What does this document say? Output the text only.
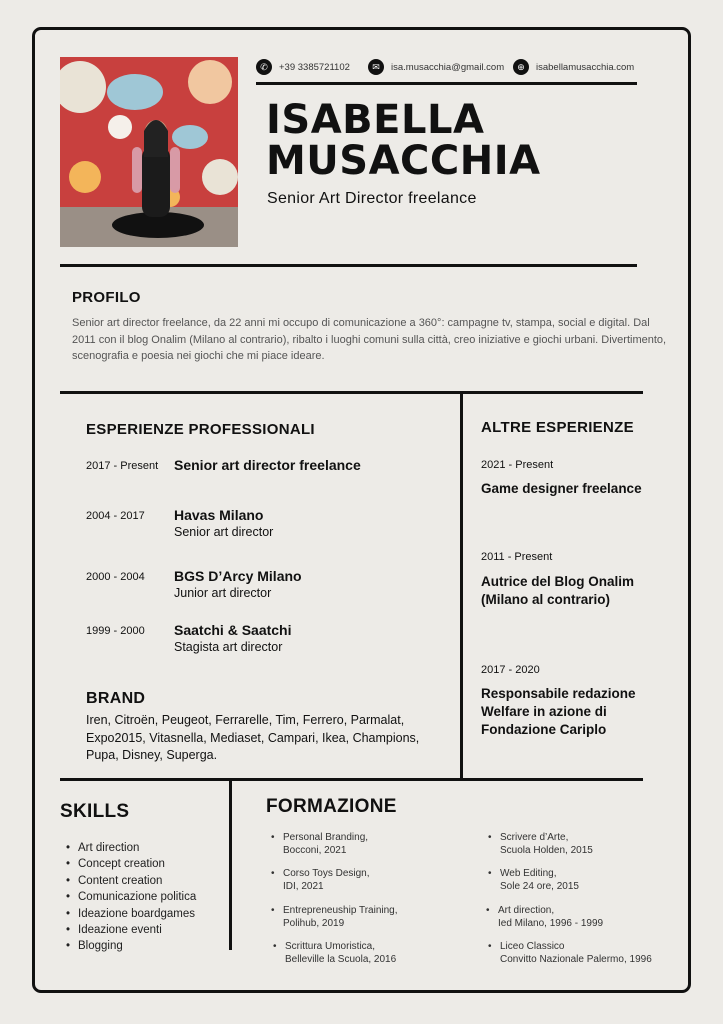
✆	+39 3385721102	✉	isa.musacchia@gmail.com	⊕	isabellamusacchia.com
ISABELLA
MUSACCHIA
Senior Art Director freelance
PROFILO
Senior art director freelance, da 22 anni mi occupo di comunicazione a 360°: campagne tv, stampa, social e digital. Dal 2011 con il blog Onalim (Milano al contrario), ribalto i luoghi comuni sulla città, creo iniziative e giochi urbani. Divertimento, scenografia e poesia nei giochi che mi piace ideare.
ESPERIENZE PROFESSIONALI
2017 - Present Senior art director freelance
2004 - 2017 Havas Milano
Senior art director
2000 - 2004 BGS D’Arcy Milano
Junior art director
1999 - 2000 Saatchi & Saatchi
Stagista art director
BRAND
Iren, Citroën, Peugeot, Ferrarelle, Tim, Ferrero, Parmalat, Expo2015, Vitasnella, Mediaset, Campari, Ikea, Champions, Pupa, Disney, Superga.
ALTRE ESPERIENZE
2021 - Present
Game designer freelance
2011 - Present
Autrice del Blog Onalim (Milano al contrario)
2017 - 2020
Responsabile redazione Welfare in azione di Fondazione Cariplo
SKILLS
• Art direction
• Concept creation
• Content creation
• Comunicazione politica
• Ideazione boardgames
• Ideazione eventi
• Blogging
FORMAZIONE
• Personal Branding,
Bocconi, 2021
• Corso Toys Design,
IDI, 2021
• Entrepreneuship Training,
Polihub, 2019
• Scrittura Umoristica,
Belleville la Scuola, 2016
• Scrivere d’Arte,
Scuola Holden, 2015
• Web Editing,
Sole 24 ore, 2015
• Art direction,
Ied Milano, 1996 - 1999
• Liceo Classico
Convitto Nazionale Palermo, 1996
